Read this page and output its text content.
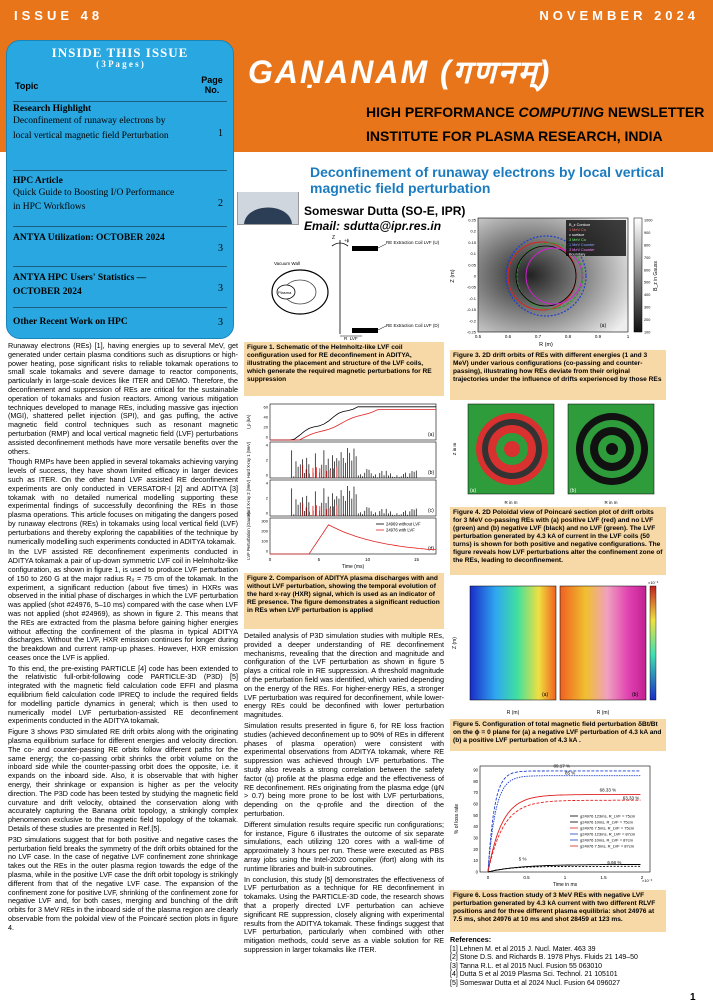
ISSUE 48	NOVEMBER 2024
GAṆANAM (गणनम्)
HIGH PERFORMANCE COMPUTING NEWSLETTER
INSTITUTE FOR PLASMA RESEARCH, INDIA
INSIDE THIS ISSUE
( 3 P a g e s )
Topic
Page No.
Research Highlight
Deconfinement of runaway electrons by local vertical magnetic field Perturbation	1
HPC Article
Quick Guide to Boosting I/O Performance in HPC Workflows	2
ANTYA Utilization: OCTOBER 2024
3
ANTYA HPC Users' Statistics — OCTOBER 2024	3
Other Recent Work on HPC	3
Deconfinement of runaway electrons by local vertical magnetic field perturbation
Someswar Dutta (SO-E, IPR)
Email: sdutta@ipr.res.in
Vacuum Wall
Plasma
RE Extraction Coil LVF (U)
RE Extraction Coil LVF (D)
R_LVF
Z +ϕ
Figure 1. Schematic of the Helmholtz-like LVF coil configuration used for RE deconfinement in ADITYA, illustrating the placement and structure of the LVF coils, which generate the required magnetic perturbations for RE suppression
(a)
I_p (kA)
60
40
20
0
(b)
Hard X-ray 1 (MeV)	4
2
0
(c)
Hard X-ray 2 (MeV)	4
2
0
(d)
LVF Perturbation (Gauss)	300
200
100
0
24969 without LVF
24976 with LVF
0	5	10	15
Time (ms)
Figure 2. Comparison of ADITYA plasma discharges with and without LVF perturbation, showing the temporal evolution of the hard x-ray (HXR) signal, which is used as an indicator of RE presence. The figure demonstrates a significant reduction in REs when LVF perturbation is applied

Runaway electrons (REs) [1], having energies up to several MeV, get generated under certain plasma conditions such as disruptions or high-power heating, pose significant risks to reliable tokamak operations to small scale tokamaks and severe damage to reactor components, particularly in large-scale devices like ITER and DEMO. Therefore, the deconfinement and suppression of REs are critical for the sustainable operation of tokamaks and fusion reactors. Among various mitigation techniques developed to manage REs, including massive gas injection (MGI), shattered pellet injection (SPI), and gas puffing, the active magnetic field control techniques such as resonant magnetic perturbation (RMP) and local vertical magnetic field (LVF) perturbations assisted deconfinement methods have more versatile benefits over the others.

Though RMPs have been applied in several tokamaks achieving varying levels of success, they have shown limited efficacy in larger devices such as ITER. On the other hand LVF assisted RE deconfinement experiments are only conducted in VERSATOR-I [2] and ADITYA [3] tokamak with no detailed numerical modelling supporting these experimental findings of successfully deconfining the REs in those plasma operations. This article focuses on mitigating the dangers posed by runaway electrons (REs) in tokamaks using local vertical field (LVF) perturbations and thereby exploring the capabilities of the technique by numerically modelling such experiments conducted in ADITYA tokamak.

In the LVF assisted RE deconfinement experiments conducted in ADITYA tokamak a pair of up-down symmetric LVF coil in Helmholtz-like configuration, as shown in figure 1, is used to produce LVF perturbation of 150 to 260 G at the major radius R₀ = 75 cm of the tokamak. In the experiment, a significant reduction (about five times) in HXRs was observed in the initial phase of discharges in which the LVF perturbation was applied (shot #24976, 5–10 ms) compared with the case when LVF was not applied (shot #24969), as shown in figure 2. This means that the REs are extracted from the plasma before gaining higher energies without affecting the confinement of the plasma in typical ADITYA discharges. Without the LVF, HXR emission continues for longer during the breakdown and current ramp-up phases. However, HXR emission ceases once the LVF is applied.

To this end, the pre-existing PARTICLE [4] code has been extended to the relativistic full-orbit-following code PARTICLE-3D (P3D) [5] integrated with the magnetic field calculation code EFFI and plasma equilibrium field calculation code IPREQ to include the required fields for modelling particle dynamics in general; which is then used to numerically model LVF perturbation-assisted RE deconfinement experiments conducted in the ADITYA tokamak.

Figure 3 shows P3D simulated RE drift orbits along with the originating plasma equilibrium surface for different energies and velocity direction. The co- and counter-passing RE orbits follow different paths for the same energy; the co-passing orbit shrinks the orbit volume on the inboard side while the counter-passing orbit does the opposite, i.e. it expands on the inboard side. Also, it is observable that with higher energy, their shrinkage or expansion is higher as per the velocity direction. The P3D code has been tested by studying the magnetic field curvature and drift velocity, obtained the conservation along with accurately capturing the Banana orbit topology, a strikingly complex phenomenon exclusive to the magnetic field topology of the tokamak. Details of these studies are presented in Ref.[5].

P3D simulations suggest that for both positive and negative cases the perturbation field breaks the symmetry of the drift orbits obtained for the no LVF case. In the case of negative LVF confinement zone shrinkage takes out the REs in the outer plasma region towards the edge of the plasma, while in the positive LVF case the drift orbit topology is strikingly different from that of the negative LVF case. The expansion of the confinement zone for positive LVF, shrinking of the confinement zone for negative LVF and, for both cases, merging and bunching of the drift orbits for 3 MeV REs in the inboard side of the plasma region are clearly observable from the poloidal view of the Poincaré section plots in figure 4.

Detailed analysis of P3D simulation studies with multiple REs, provided a deeper understanding of RE deconfinement mechanisms, revealing that the direction and magnitude and configuration of the LVF perturbation as shown in figure 5 plays a critical role in RE suppression. A threshold magnitude of the perturbation field was identified, which varied depending on the energy of the REs. For higher-energy REs, a stronger LVF perturbation was required for deconfinement, while lower-energy REs could be deconfined with lower perturbation magnitudes.

Simulation results presented in figure 6, for RE loss fraction studies (achieved deconfinement up to 90% of REs in different phases of plasma operation) were consistent with experimental observations from ADITYA tokamak, where RE suppression was achieved through LVF perturbations. The study also reveals a strong correlation between the safety factor (q) profile at the plasma edge and the effectiveness of RE deconfinement. REs originating from the plasma edge (ψN > 0.7) being more prone to be lost with LVF perturbations, depending on the q-profile and the direction of the perturbation.

Different simulation results require specific run configurations; for instance, Figure 6 illustrates the outcome of six separate simulations, each utilizing 120 cores with a wall-time of approximately 3 hours per run. These were executed as PBS array jobs using the Intel-2020 compiler (ifort) along with its runtime libraries and built-in subroutines.

In conclusion, this study [5] demonstrates the effectiveness of LVF perturbation as a technique for RE deconfinement in tokamaks. Using the PARTICLE-3D code, the research shows that a properly directed LVF perturbation can achieve significant RE suppression, closely aligning with experimental results from the ADITYA tokamak. These findings suggest that LVF perturbation, particularly when combined with other mitigation methods, could serve as a viable solution for RE suppression in larger tokamaks like ITER.

B_z Contour
1 MeV Co
c surface
3 MeV Co
1 MeV Counter
3 MeV Counter
Boundary
(a)
0.5	0.6	0.7	0.8	0.9	1
0.25
0.2
0.15
0.1
0.05
0
-0.05
-0.1
-0.15
-0.2
-0.25
1000
900
800
700
600
500
400
300
200
100
R (m)
Z (m)	B_z in Gauss
Figure 3. 2D drift orbits of REs with different energies (1 and 3 MeV) under various configurations (co-passing and counter-passing), illustrating how REs deviate from their original trajectories under the influence of drifts experienced by those REs
(a)	(b)
R in m	R in m
Z in m
Figure 4. 2D Poloidal view of Poincaré section plot of drift orbits for 3 MeV co-passing REs with (a) positive LVF (red) and no LVF (green) and (b) negative LVF (black) and no LVF (green). The LVF perturbation generated by 4.3 kA of current in the LVF coils (50 turns) is shown for both positive and negative configurations. The figure reveals how LVF perturbations alter the confinement zone of the REs, leading to deconfinement.
(a)	(b)
×10⁻³
R (m)	R (m)
Z (m)
Figure 5. Configuration of total magnetic field perturbation δBt/Bt on the ϕ = 0 plane for (a) a negative LVF perturbation of 4.3 kA and (b) a positive LVF perturbation of 4.3 kA .
90
80
70
60
50
40
30
20
10
0
0	0.5	1	1.5	2
Time in ms
×10⁻³
% of loss rate
89.17 %
85 %
68.33 %
63.33 %
5 %
6.66 %
g24976 123ms, R_LVF = 75cm
g24976 10ms, R_LVF = 75cm
g24976 7.5ms, R_LVF = 75cm
g24976 123ms, R_LVF = 87cm
g24976 10ms, R_LVF = 87cm
g24976 7.5ms, R_LVF = 87cm
Figure 6. Loss fraction study of 3 MeV REs with negative LVF perturbation generated by 4.3 kA current with two different RLVF positions and for three different plasma equilibria: shot 24976 at 7.5 ms, shot 24976 at 10 ms and shot 28459 at 123 ms.
References:
[1] Lehnen M. et al 2015 J. Nucl. Mater. 463 39
[2] Stone D.S. and Richards B. 1978 Phys. Fluids 21 149–50
[3] Tanna R.L. et al 2015 Nucl. Fusion 55 063010
[4] Dutta S et al 2019 Plasma Sci. Technol. 21 105101
[5] Someswar Dutta et al 2024 Nucl. Fusion 64 096027
1
